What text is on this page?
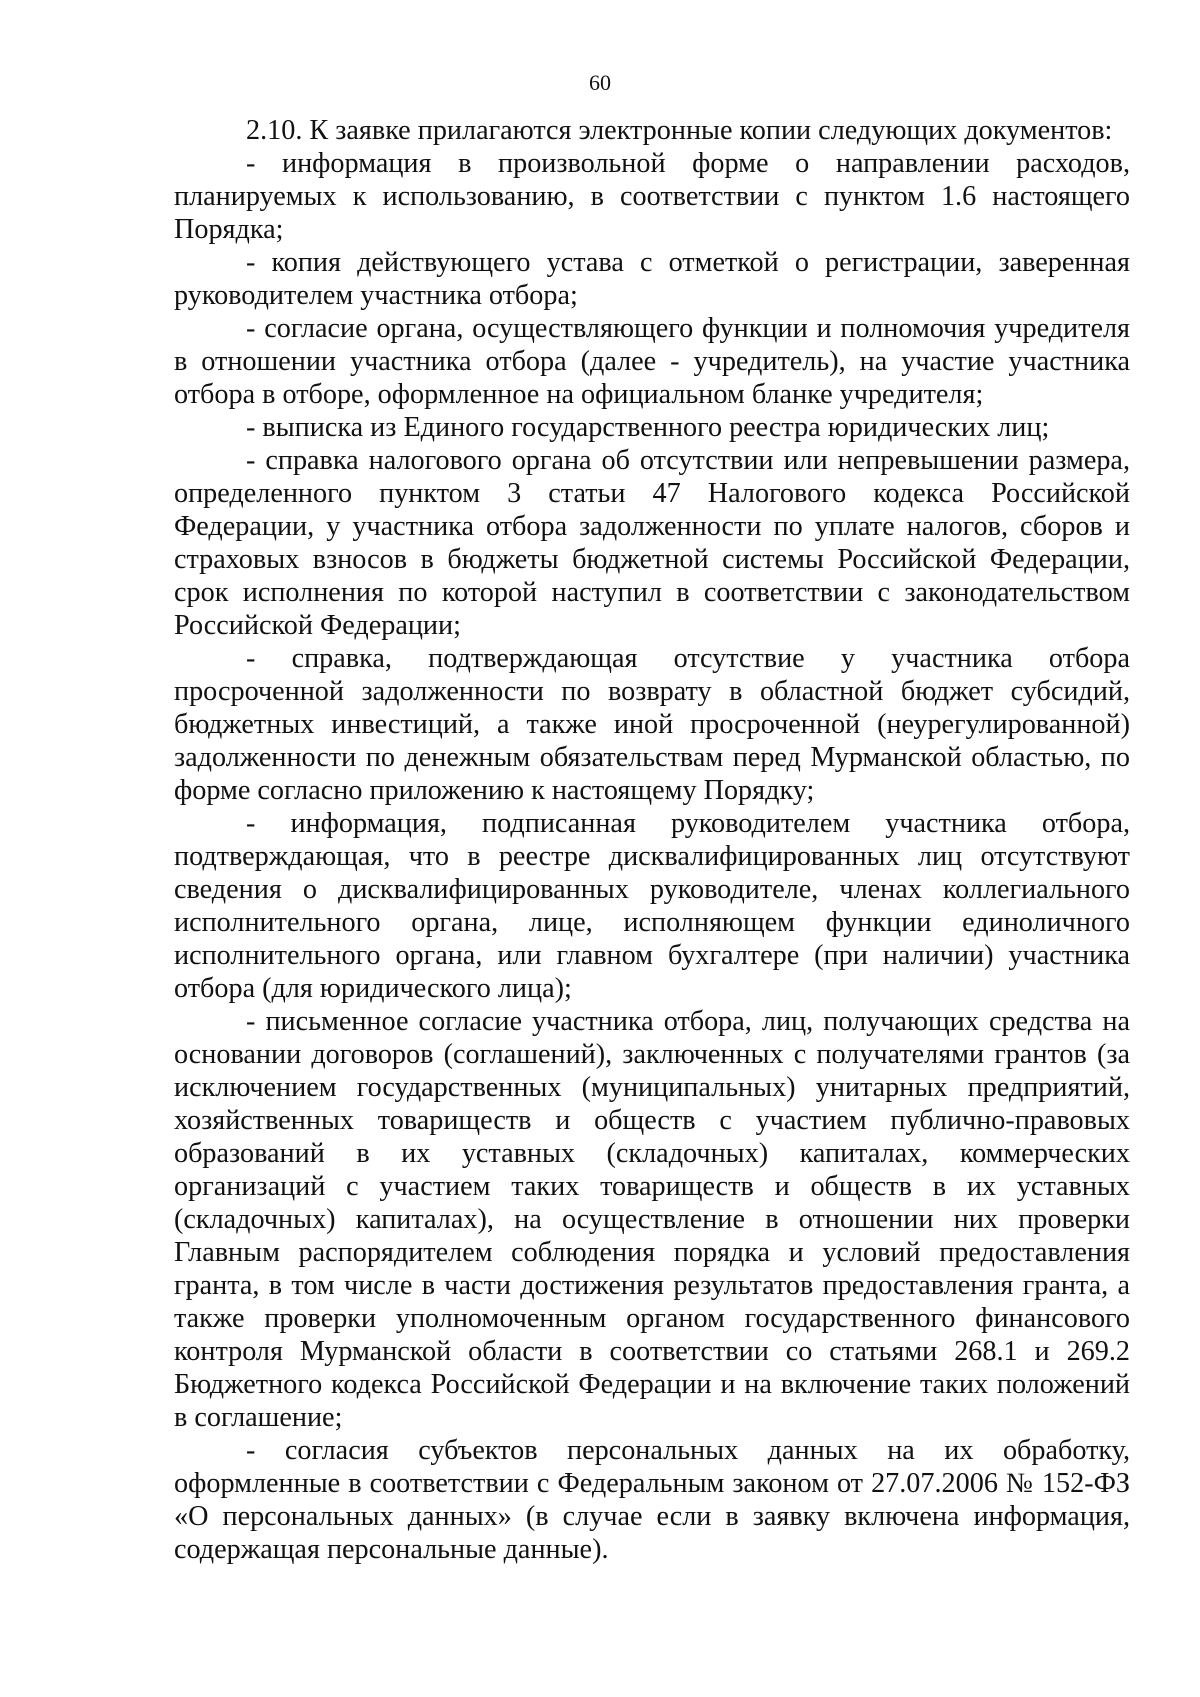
60

2.10. К заявке прилагаются электронные копии следующих документов:

- информация в произвольной форме о направлении расходов, планируемых к использованию, в соответствии с пунктом 1.6 настоящего Порядка;

- копия действующего устава с отметкой о регистрации, заверенная руководителем участника отбора;

- согласие органа, осуществляющего функции и полномочия учредителя в отношении участника отбора (далее - учредитель), на участие участника отбора в отборе, оформленное на официальном бланке учредителя;

- выписка из Единого государственного реестра юридических лиц;

- справка налогового органа об отсутствии или непревышении размера, определенного пунктом 3 статьи 47 Налогового кодекса Российской Федерации, у участника отбора задолженности по уплате налогов, сборов и страховых взносов в бюджеты бюджетной системы Российской Федерации, срок исполнения по которой наступил в соответствии с законодательством Российской Федерации;

- справка, подтверждающая отсутствие у участника отбора просроченной задолженности по возврату в областной бюджет субсидий, бюджетных инвестиций, а также иной просроченной (неурегулированной) задолженности по денежным обязательствам перед Мурманской областью, по форме согласно приложению к настоящему Порядку;

- информация, подписанная руководителем участника отбора, подтверждающая, что в реестре дисквалифицированных лиц отсутствуют сведения о дисквалифицированных руководителе, членах коллегиального исполнительного органа, лице, исполняющем функции единоличного исполнительного органа, или главном бухгалтере (при наличии) участника отбора (для юридического лица);

- письменное согласие участника отбора, лиц, получающих средства на основании договоров (соглашений), заключенных с получателями грантов (за исключением государственных (муниципальных) унитарных предприятий, хозяйственных товариществ и обществ с участием публично-правовых образований в их уставных (складочных) капиталах, коммерческих организаций с участием таких товариществ и обществ в их уставных (складочных) капиталах), на осуществление в отношении них проверки Главным распорядителем соблюдения порядка и условий предоставления гранта, в том числе в части достижения результатов предоставления гранта, а также проверки уполномоченным органом государственного финансового контроля Мурманской области в соответствии со статьями 268.1 и 269.2 Бюджетного кодекса Российской Федерации и на включение таких положений в соглашение;

- согласия субъектов персональных данных на их обработку, оформленные в соответствии с Федеральным законом от 27.07.2006 № 152-ФЗ «О персональных данных» (в случае если в заявку включена информация, содержащая персональные данные).
